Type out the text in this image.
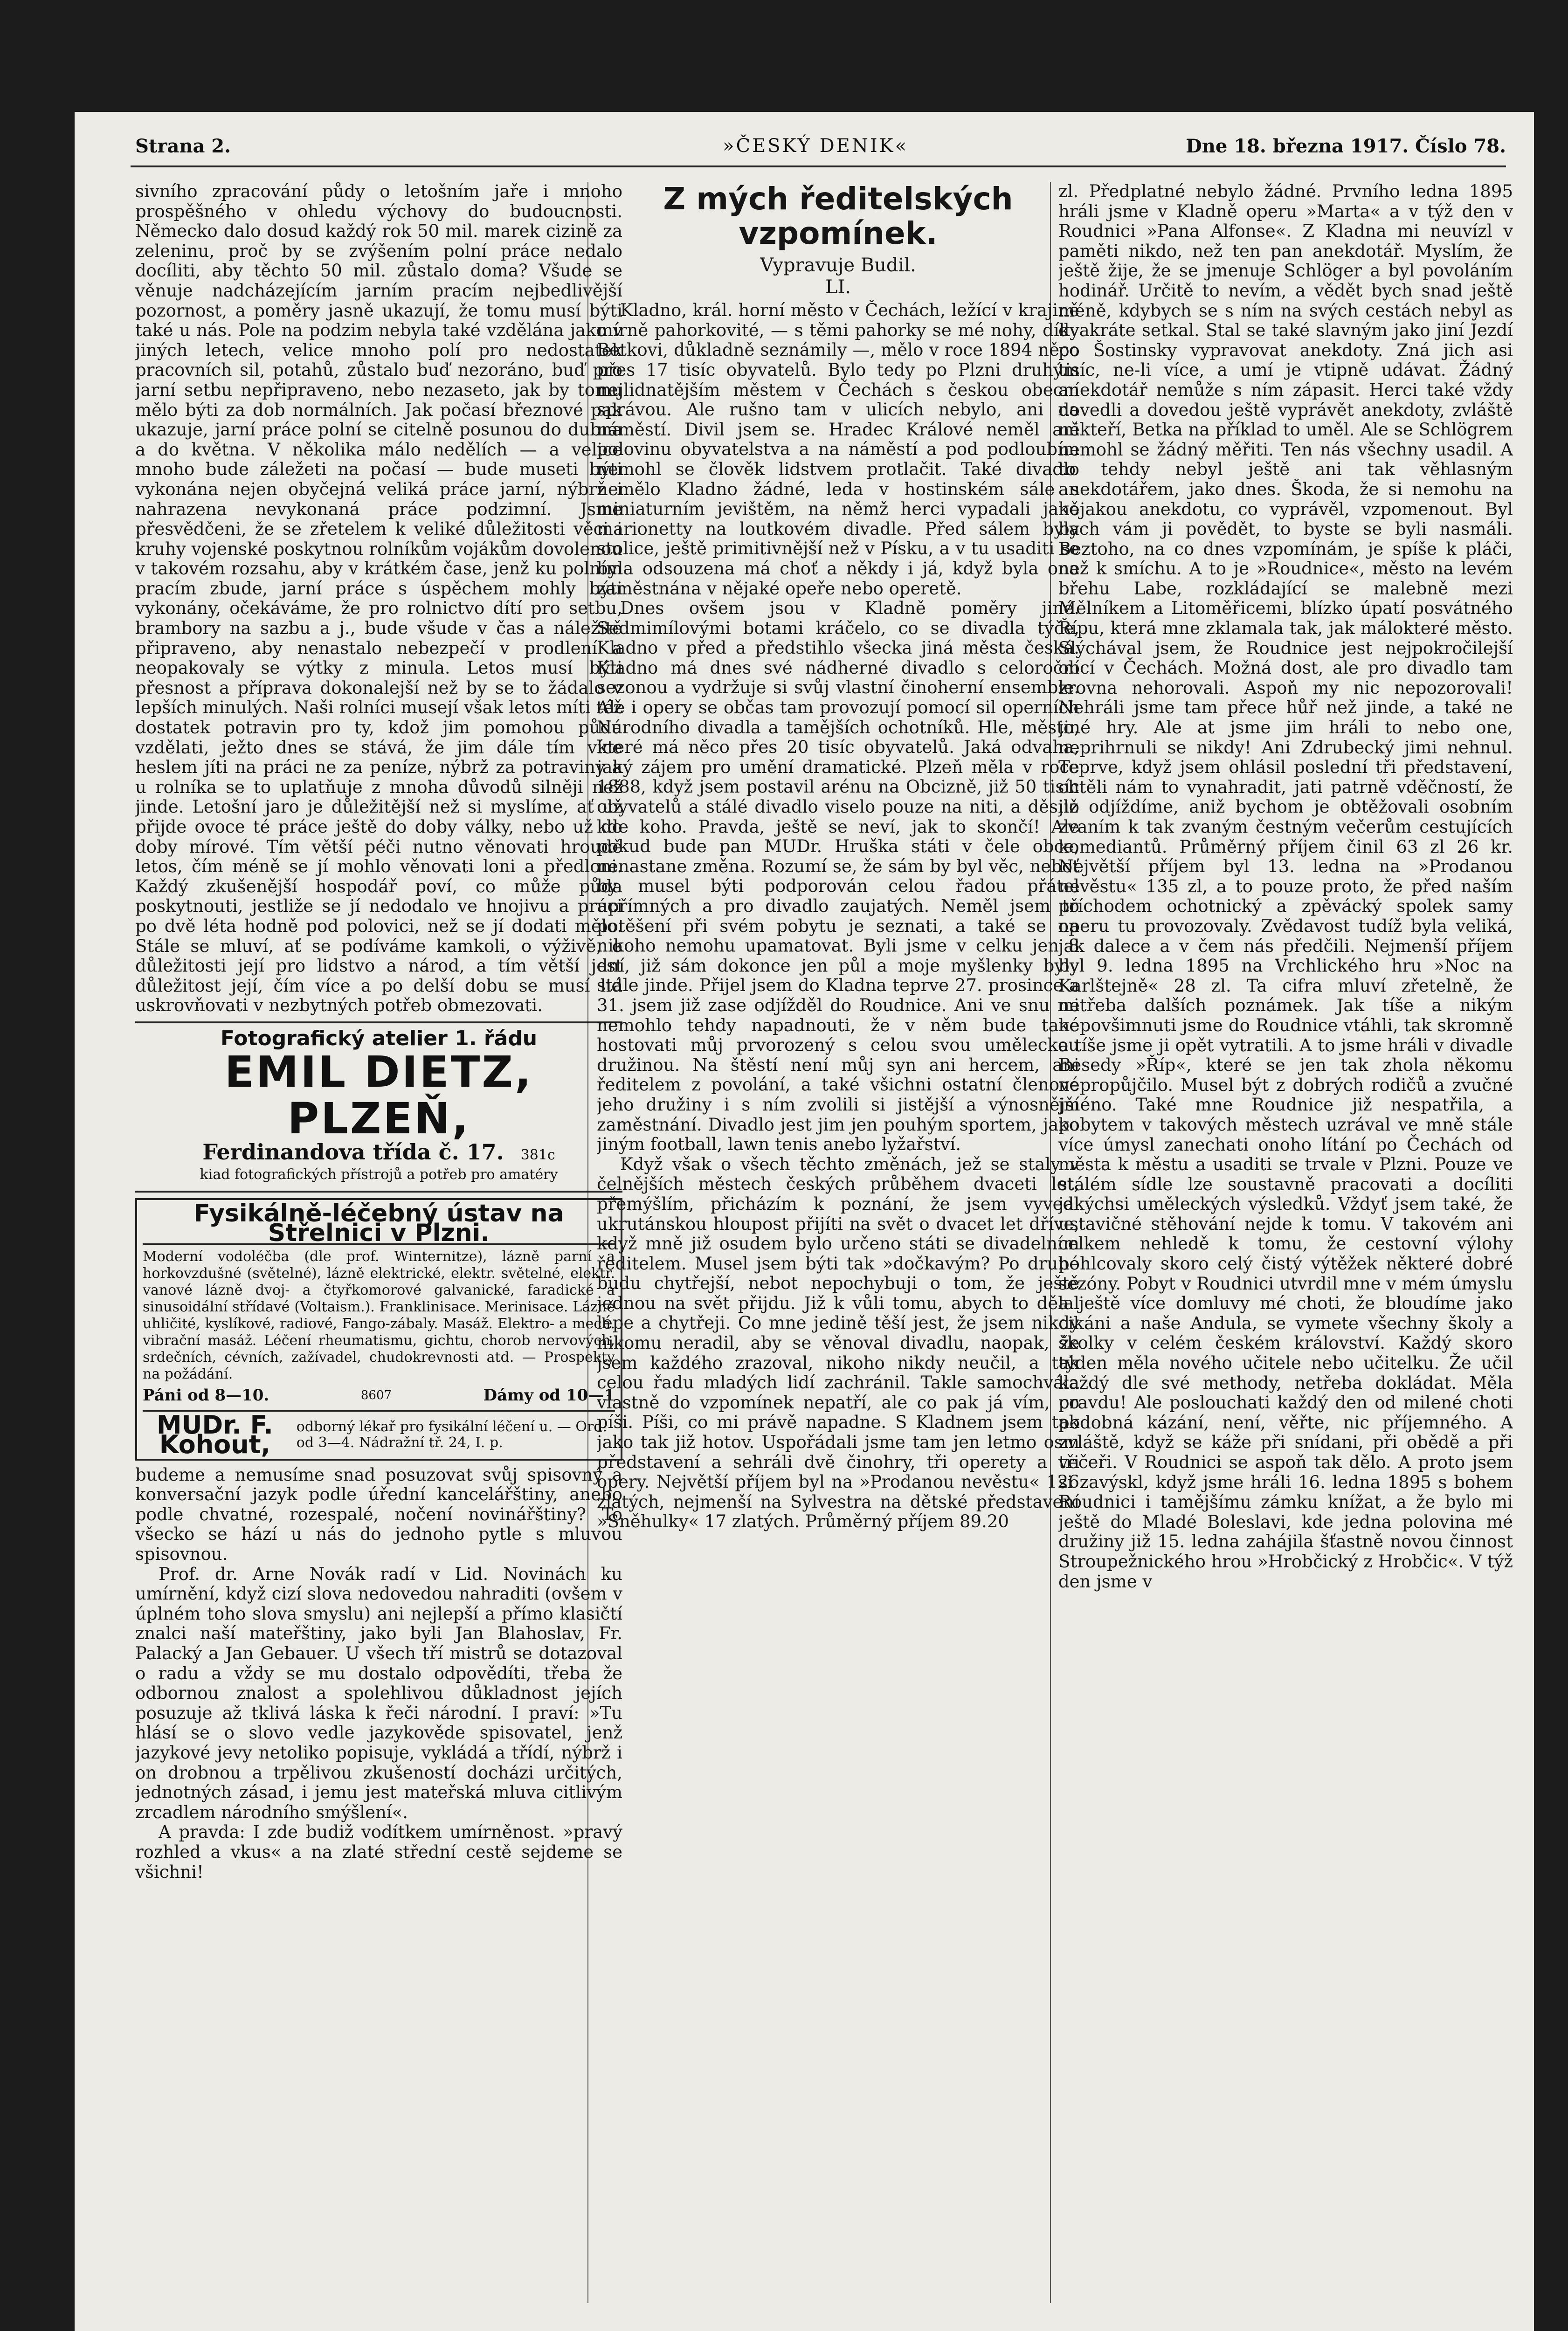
Strana 2.	»ČESKÝ DENIK«	Dne 18. března 1917. Číslo 78.

sivního zpracování půdy o letošním jaře i mnoho prospěšného v ohledu výchovy do budoucnosti. Německo dalo dosud každý rok 50 mil. marek cizině za zeleninu, proč by se zvýšením polní práce nedalo docíliti, aby těchto 50 mil. zůstalo doma? Všude se věnuje nadcházejícím jarním pracím nejbedlivější pozornost, a poměry jasně ukazují, že tomu musí býti také u nás. Pole na podzim nebyla také vzdělána jako v jiných letech, velice mnoho polí pro nedostatek pracovních sil, potahů, zůstalo buď nezoráno, buď pro jarní setbu nepřipraveno, nebo nezaseto, jak by tomu mělo býti za dob normálních. Jak počasí březnové pak ukazuje, jarní práce polní se citelně posunou do dubna a do května. V několika málo nedělích — a velice mnoho bude záležeti na počasí — bude museti býti vykonána nejen obyčejná veliká práce jarní, nýbrž i nahrazena nevykonaná práce podzimní. Jsme přesvědčeni, že se zřetelem k veliké důležitosti věci i kruhy vojenské poskytnou rolníkům vojákům dovolenou v takovém rozsahu, aby v krátkém čase, jenž ku polním pracím zbude, jarní práce s úspěchem mohly býti vykonány, očekáváme, že pro rolnictvo dítí pro setbu, brambory na sazbu a j., bude všude v čas a náležitě připraveno, aby nenastalo nebezpečí v prodlení a neopakovaly se výtky z minula. Letos musí býti přesnost a příprava dokonalejší než by se to žádalo v lepších minulých. Naši rolníci musejí však letos míti též dostatek potravin pro ty, kdož jim pomohou půdu vzdělati, ježto dnes se stává, že jim dále tím více heslem jíti na práci ne za peníze, nýbrž za potraviny a u rolníka se to uplatňuje z mnoha důvodů silněji než jinde. Letošní jaro je důležitější než si myslíme, ať už přijde ovoce té práce ještě do doby války, nebo už do doby mírové. Tím větší péči nutno věnovati hroudě letos, čím méně se jí mohlo věnovati loni a předloni. Každý zkušenější hospodář poví, co může půda poskytnouti, jestliže se jí nedodalo ve hnojivu a práci po dvě léta hodně pod polovici, než se jí dodati mělo. Stále se mluví, ať se podíváme kamkoli, o výživě, o důležitosti její pro lidstvo a národ, a tím větší jest důležitost její, čím více a po delší dobu se musí lid uskrovňovati v nezbytných potřeb obmezovati.

Fotografický atelier 1. řádu
EMIL DIETZ, PLZEŇ,
Ferdinandova třída č. 17. 381c
kiad fotografických přístrojů a potřeb pro amatéry
Fysikálně-léčebný ústav na Střelnici v Plzni.
Moderní vodoléčba (dle prof. Winternitze), lázně parní a horkovzdušné (světelné), lázně elektrické, elektr. světelné, elektr. vanové lázně dvoj- a čtyřkomorové galvanické, faradické a sinusoidální střídavé (Voltaism.). Franklinisace. Merinisace. Lázně uhličité, kyslíkové, radiové, Fango-zábaly. Masáž. Elektro- a mech. vibrační masáž. Léčení rheumatismu, gichtu, chorob nervových, srdečních, cévních, zažívadel, chudokrevnosti atd. — Prospekty na požádání.
Páni od 8—10.	8607	Dámy od 10—1
MUDr. F. Kohout,
odborný lékař pro fysikální léčení u. — Ord. od 3—4. Nádražní tř. 24, I. p.

budeme a nemusíme snad posuzovat svůj spisovný a konversační jazyk podle úřední kancelářštiny, anebo podle chvatné, rozespalé, nočení novinářštiny? To všecko se hází u nás do jednoho pytle s mluvou spisovnou.

Prof. dr. Arne Novák radí v Lid. Novinách ku umírnění, když cizí slova nedovedou nahraditi (ovšem v úplném toho slova smyslu) ani nejlepší a přímo klasičtí znalci naší mateřštiny, jako byli Jan Blahoslav, Fr. Palacký a Jan Gebauer. U všech tří mistrů se dotazoval o radu a vždy se mu dostalo odpovědíti, třeba že odbornou znalost a spolehlivou důkladnost jejích posuzuje až tklivá láska k řeči národní. I praví: »Tu hlásí se o slovo vedle jazykověde spisovatel, jenž jazykové jevy netoliko popisuje, vykládá a třídí, nýbrž i on drobnou a trpělivou zkušeností docházi určitých, jednotných zásad, i jemu jest mateřská mluva citlivým zrcadlem národního smýšlení«.

A pravda: I zde budiž vodítkem umírněnost. »pravý rozhled a vkus« a na zlaté střední cestě sejdeme se všichni!

Z mých ředitelských vzpomínek.
Vypravuje Budil.
LI.

Kladno, král. horní město v Čechách, ležící v krajině mírně pahorkovité, — s těmi pahorky se mé nohy, díky Betkovi, důkladně seznámily —, mělo v roce 1894 něco přes 17 tisíc obyvatelů. Bylo tedy po Plzni druhým nejlidnatějším městem v Čechách s českou obecní správou. Ale rušno tam v ulicích nebylo, ani na náměstí. Divil jsem se. Hradec Králové neměl ani polovinu obyvatelstva a na náměstí a pod podloubím nemohl se člověk lidstvem protlačit. Také divadlo nemělo Kladno žádné, leda v hostinském sále s miniaturním jevištěm, na němž herci vypadali jako marionetty na loutkovém divadle. Před sálem byla stolice, ještě primitivnější než v Písku, a v tu usaditi se byla odsouzena má choť a někdy i já, když byla ona zaměstnána v nějaké opeře nebo operetě.

Dnes ovšem jsou v Kladně poměry jiné. Sedmimílovými botami kráčelo, co se divadla týče, Kladno v před a předstihlo všecka jiná města česká. Kladno má dnes své nádherné divadlo s celoroční sezonou a vydržuje si svůj vlastní činoherní ensemble. Ale i opery se občas tam provozují pomocí sil operních Národního divadla a tamějších ochotníků. Hle, město, které má něco přes 20 tisíc obyvatelů. Jaká odvaha, jaký zájem pro umění dramatické. Plzeň měla v roce 1888, když jsem postavil arénu na Obcizně, již 50 tisíc obyvatelů a stálé divadlo viselo pouze na niti, a děsilo kde koho. Pravda, ještě se neví, jak to skončí! Ale pokud bude pan MUDr. Hruška státi v čele obce, nenastane změna. Rozumí se, že sám by byl věc, neboť by musel býti podporován celou řadou přátel upřímných a pro divadlo zaujatých. Neměl jsem to potěšení při svém pobytu je seznati, a také se na nikoho nemohu upamatovat. Byli jsme v celku jen 8 dní, již sám dokonce jen půl a moje myšlenky byly stále jinde. Přijel jsem do Kladna teprve 27. prosince a 31. jsem již zase odjížděl do Roudnice. Ani ve snu mi nemohlo tehdy napadnouti, že v něm bude také hostovati můj prvorozený s celou svou uměleckou družinou. Na štěstí není můj syn ani hercem, ani ředitelem z povolání, a také všichni ostatní členové jeho družiny i s ním zvolili si jistější a výnosnější zaměstnání. Divadlo jest jim jen pouhým sportem, jako jiným football, lawn tenis anebo lyžařství.

Když však o všech těchto změnách, jež se staly v čelnějších městech českých průběhem dvaceti let, přemýšlím, přicházím k poznání, že jsem vyvedl ukrutánskou hloupost přijíti na svět o dvacet let dříve, když mně již osudem bylo určeno státi se divadelním ředitelem. Musel jsem býti tak »dočkavým? Po druhé budu chytřejší, nebot nepochybuji o tom, že ještě jednou na svět přijdu. Již k vůli tomu, abych to dělal lépe a chytřeji. Co mne jedině těší jest, že jsem nikdy nikomu neradil, aby se věnoval divadlu, naopak, že jsem každého zrazoval, nikoho nikdy neučil, a tak celou řadu mladých lidí zachránil. Takle samochvála vlastně do vzpomínek nepatří, ale co pak já vím, co píši. Píši, co mi právě napadne. S Kladnem jsem tak jako tak již hotov. Uspořádali jsme tam jen letmo osm představení a sehráli dvě činohry, tři operety a tři opery. Největší příjem byl na »Prodanou nevěstu« 126 zlatých, nejmenší na Sylvestra na dětské představení »Sněhulky« 17 zlatých. Průměrný příjem 89.20

zl. Předplatné nebylo žádné. Prvního ledna 1895 hráli jsme v Kladně operu »Marta« a v týž den v Roudnici »Pana Alfonse«. Z Kladna mi neuvízl v paměti nikdo, než ten pan anekdotář. Myslím, že ještě žije, že se jmenuje Schlöger a byl povoláním hodinář. Určitě to nevím, a vědět bych snad ještě méně, kdybych se s ním na svých cestách nebyl as dvakráte setkal. Stal se také slavným jako jiní Jezdí po Šostinsky vypravovat anekdoty. Zná jich asi tisíc, ne-li více, a umí je vtipně udávat. Žádný anekdotář nemůže s ním zápasit. Herci také vždy dovedli a dovedou ještě vyprávět anekdoty, zvláště někteří, Betka na příklad to uměl. Ale se Schlögrem nemohl se žádný měřiti. Ten nás všechny usadil. A to tehdy nebyl ještě ani tak věhlasným anekdotářem, jako dnes. Škoda, že si nemohu na nějakou anekdotu, co vyprávěl, vzpomenout. Byl bych vám ji povědět, to byste se byli nasmáli. Beztoho, na co dnes vzpomínám, je spíše k pláči, než k smíchu. A to je »Roudnice«, město na levém břehu Labe, rozkládající se malebně mezi Mělníkem a Litoměřicemi, blízko úpatí posvátného Řípu, která mne zklamala tak, jak málokteré město. Slýchával jsem, že Roudnice jest nejpokročilejší obcí v Čechách. Možná dost, ale pro divadlo tam zrovna nehorovali. Aspoň my nic nepozorovali! Nehráli jsme tam přece hůř než jinde, a také ne jiné hry. Ale at jsme jim hráli to nebo one, neprihrnuli se nikdy! Ani Zdrubecký jimi nehnul. Teprve, když jsem ohlásil poslední tři představení, chtěli nám to vynahradit, jati patrně vděčností, že již odjíždíme, aniž bychom je obtěžovali osobním zvaním k tak zvaným čestným večerům cestujících komediantů. Průměrný příjem činil 63 zl 26 kr. Největší příjem byl 13. ledna na »Prodanou nevěstu« 135 zl, a to pouze proto, že před naším příchodem ochotnický a zpěvácký spolek samy operu tu provozovaly. Zvědavost tudíž byla veliká, jak dalece a v čem nás předčili. Nejmenší příjem byl 9. ledna 1895 na Vrchlického hru »Noc na Karlštejně« 28 zl. Ta cifra mluví zřetelně, že netřeba dalších poznámek. Jak tíše a nikým nepovšimnuti jsme do Roudnice vtáhli, tak skromně a tíše jsme ji opět vytratili. A to jsme hráli v divadle Besedy »Říp«, které se jen tak zhola někomu nepropůjčilo. Musel být z dobrých rodičů a zvučné jméno. Také mne Roudnice již nespatřila, a pobytem v takových městech uzrával ve mně stále více úmysl zanechati onoho lítání po Čechách od města k městu a usaditi se trvale v Plzni. Pouze ve stálém sídle lze soustavně pracovati a docíliti jakýchsi uměleckých výsledků. Vždyť jsem také, že ustavičné stěhování nejde k tomu. V takovém ani celkem nehledě k tomu, že cestovní výlohy pohlcovaly skoro celý čistý výtěžek některé dobré sezóny. Pobyt v Roudnici utvrdil mne v mém úmyslu a ještě více domluvy mé choti, že bloudíme jako cikáni a naše Andula, se vymete všechny školy a školky v celém českém království. Každý skoro týden měla nového učitele nebo učitelku. Že učil každý dle své methody, netřeba dokládat. Měla pravdu! Ale poslouchati každý den od milené choti podobná kázání, není, věřte, nic příjemného. A zvláště, když se káže při snídani, při obědě a při večeři. V Roudnici se aspoň tak dělo. A proto jsem si zavýskl, když jsme hráli 16. ledna 1895 s bohem Roudnici i tamějšímu zámku knížat, a že bylo mi ještě do Mladé Boleslavi, kde jedna polovina mé družiny již 15. ledna zahájila šťastně novou činnost Stroupežnického hrou »Hrobčický z Hrobčic«. V týž den jsme v
